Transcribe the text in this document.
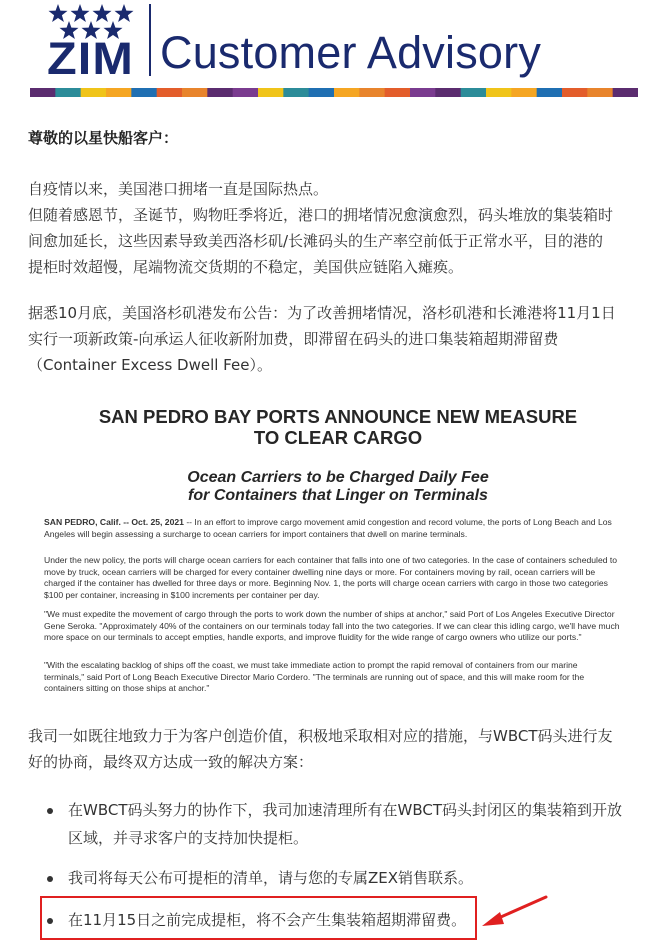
ZIM Customer Advisory
尊敬的以星快船客户：
自疫情以来，美国港口拥堵一直是国际热点。
但随着感恩节，圣诞节，购物旺季将近，港口的拥堵情况愈演愈烈，码头堆放的集装箱时
间愈加延长，这些因素导致美西洛杉矶/长滩码头的生产率空前低于正常水平，目的港的
提柜时效超慢，尾端物流交货期的不稳定，美国供应链陷入瘫痪。
据悉10月底，美国洛杉矶港发布公告：为了改善拥堵情况，洛杉矶港和长滩港将11月1日
实行一项新政策-向承运人征收新附加费，即滞留在码头的进口集装箱超期滞留费
（Container Excess Dwell Fee）。
SAN PEDRO BAY PORTS ANNOUNCE NEW MEASURE
TO CLEAR CARGO
Ocean Carriers to be Charged Daily Fee
for Containers that Linger on Terminals
SAN PEDRO, Calif. -- Oct. 25, 2021 -- In an effort to improve cargo movement amid congestion and record volume, the ports of Long Beach and Los
Angeles will begin assessing a surcharge to ocean carriers for import containers that dwell on marine terminals.
Under the new policy, the ports will charge ocean carriers for each container that falls into one of two categories. In the case of containers scheduled to
move by truck, ocean carriers will be charged for every container dwelling nine days or more. For containers moving by rail, ocean carriers will be
charged if the container has dwelled for three days or more. Beginning Nov. 1, the ports will charge ocean carriers with cargo in those two categories
$100 per container, increasing in $100 increments per container per day.
"We must expedite the movement of cargo through the ports to work down the number of ships at anchor," said Port of Los Angeles Executive Director
Gene Seroka. "Approximately 40% of the containers on our terminals today fall into the two categories. If we can clear this idling cargo, we'll have much
more space on our terminals to accept empties, handle exports, and improve fluidity for the wide range of cargo owners who utilize our ports."
"With the escalating backlog of ships off the coast, we must take immediate action to prompt the rapid removal of containers from our marine
terminals," said Port of Long Beach Executive Director Mario Cordero. "The terminals are running out of space, and this will make room for the
containers sitting on those ships at anchor."
我司一如既往地致力于为客户创造价值，积极地采取相对应的措施，与WBCT码头进行友
好的协商，最终双方达成一致的解决方案：
在WBCT码头努力的协作下，我司加速清理所有在WBCT码头封闭区的集装箱到开放
区域，并寻求客户的支持加快提柜。
我司将每天公布可提柜的清单，请与您的专属ZEX销售联系。
在11月15日之前完成提柜，将不会产生集装箱超期滞留费。
